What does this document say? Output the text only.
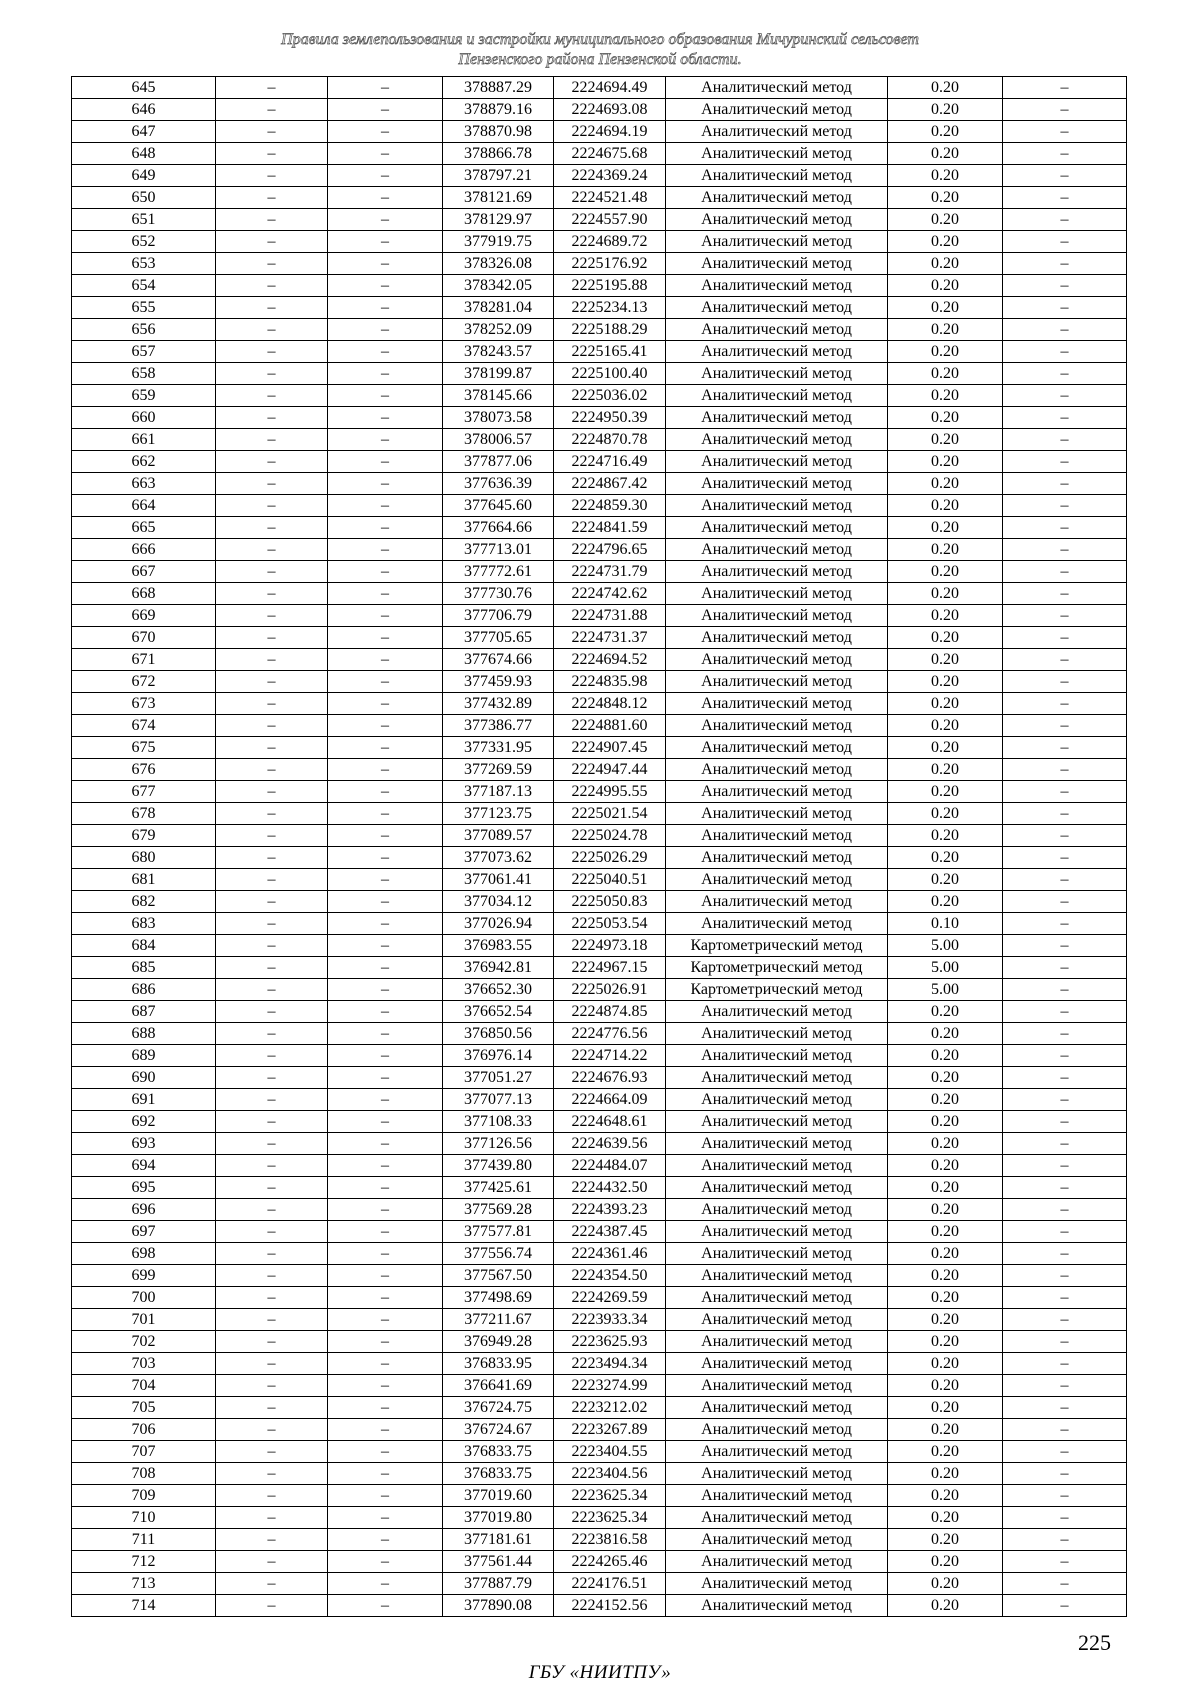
Правила землепользования и застройки муниципального образования Мичуринский сельсовет
Пензенского района Пензенской области.
645	–	–	378887.29	2224694.49	Аналитический метод	0.20	–
646	–	–	378879.16	2224693.08	Аналитический метод	0.20	–
647	–	–	378870.98	2224694.19	Аналитический метод	0.20	–
648	–	–	378866.78	2224675.68	Аналитический метод	0.20	–
649	–	–	378797.21	2224369.24	Аналитический метод	0.20	–
650	–	–	378121.69	2224521.48	Аналитический метод	0.20	–
651	–	–	378129.97	2224557.90	Аналитический метод	0.20	–
652	–	–	377919.75	2224689.72	Аналитический метод	0.20	–
653	–	–	378326.08	2225176.92	Аналитический метод	0.20	–
654	–	–	378342.05	2225195.88	Аналитический метод	0.20	–
655	–	–	378281.04	2225234.13	Аналитический метод	0.20	–
656	–	–	378252.09	2225188.29	Аналитический метод	0.20	–
657	–	–	378243.57	2225165.41	Аналитический метод	0.20	–
658	–	–	378199.87	2225100.40	Аналитический метод	0.20	–
659	–	–	378145.66	2225036.02	Аналитический метод	0.20	–
660	–	–	378073.58	2224950.39	Аналитический метод	0.20	–
661	–	–	378006.57	2224870.78	Аналитический метод	0.20	–
662	–	–	377877.06	2224716.49	Аналитический метод	0.20	–
663	–	–	377636.39	2224867.42	Аналитический метод	0.20	–
664	–	–	377645.60	2224859.30	Аналитический метод	0.20	–
665	–	–	377664.66	2224841.59	Аналитический метод	0.20	–
666	–	–	377713.01	2224796.65	Аналитический метод	0.20	–
667	–	–	377772.61	2224731.79	Аналитический метод	0.20	–
668	–	–	377730.76	2224742.62	Аналитический метод	0.20	–
669	–	–	377706.79	2224731.88	Аналитический метод	0.20	–
670	–	–	377705.65	2224731.37	Аналитический метод	0.20	–
671	–	–	377674.66	2224694.52	Аналитический метод	0.20	–
672	–	–	377459.93	2224835.98	Аналитический метод	0.20	–
673	–	–	377432.89	2224848.12	Аналитический метод	0.20	–
674	–	–	377386.77	2224881.60	Аналитический метод	0.20	–
675	–	–	377331.95	2224907.45	Аналитический метод	0.20	–
676	–	–	377269.59	2224947.44	Аналитический метод	0.20	–
677	–	–	377187.13	2224995.55	Аналитический метод	0.20	–
678	–	–	377123.75	2225021.54	Аналитический метод	0.20	–
679	–	–	377089.57	2225024.78	Аналитический метод	0.20	–
680	–	–	377073.62	2225026.29	Аналитический метод	0.20	–
681	–	–	377061.41	2225040.51	Аналитический метод	0.20	–
682	–	–	377034.12	2225050.83	Аналитический метод	0.20	–
683	–	–	377026.94	2225053.54	Аналитический метод	0.10	–
684	–	–	376983.55	2224973.18	Картометрический метод	5.00	–
685	–	–	376942.81	2224967.15	Картометрический метод	5.00	–
686	–	–	376652.30	2225026.91	Картометрический метод	5.00	–
687	–	–	376652.54	2224874.85	Аналитический метод	0.20	–
688	–	–	376850.56	2224776.56	Аналитический метод	0.20	–
689	–	–	376976.14	2224714.22	Аналитический метод	0.20	–
690	–	–	377051.27	2224676.93	Аналитический метод	0.20	–
691	–	–	377077.13	2224664.09	Аналитический метод	0.20	–
692	–	–	377108.33	2224648.61	Аналитический метод	0.20	–
693	–	–	377126.56	2224639.56	Аналитический метод	0.20	–
694	–	–	377439.80	2224484.07	Аналитический метод	0.20	–
695	–	–	377425.61	2224432.50	Аналитический метод	0.20	–
696	–	–	377569.28	2224393.23	Аналитический метод	0.20	–
697	–	–	377577.81	2224387.45	Аналитический метод	0.20	–
698	–	–	377556.74	2224361.46	Аналитический метод	0.20	–
699	–	–	377567.50	2224354.50	Аналитический метод	0.20	–
700	–	–	377498.69	2224269.59	Аналитический метод	0.20	–
701	–	–	377211.67	2223933.34	Аналитический метод	0.20	–
702	–	–	376949.28	2223625.93	Аналитический метод	0.20	–
703	–	–	376833.95	2223494.34	Аналитический метод	0.20	–
704	–	–	376641.69	2223274.99	Аналитический метод	0.20	–
705	–	–	376724.75	2223212.02	Аналитический метод	0.20	–
706	–	–	376724.67	2223267.89	Аналитический метод	0.20	–
707	–	–	376833.75	2223404.55	Аналитический метод	0.20	–
708	–	–	376833.75	2223404.56	Аналитический метод	0.20	–
709	–	–	377019.60	2223625.34	Аналитический метод	0.20	–
710	–	–	377019.80	2223625.34	Аналитический метод	0.20	–
711	–	–	377181.61	2223816.58	Аналитический метод	0.20	–
712	–	–	377561.44	2224265.46	Аналитический метод	0.20	–
713	–	–	377887.79	2224176.51	Аналитический метод	0.20	–
714	–	–	377890.08	2224152.56	Аналитический метод	0.20	–
225
ГБУ «НИИТПУ»
